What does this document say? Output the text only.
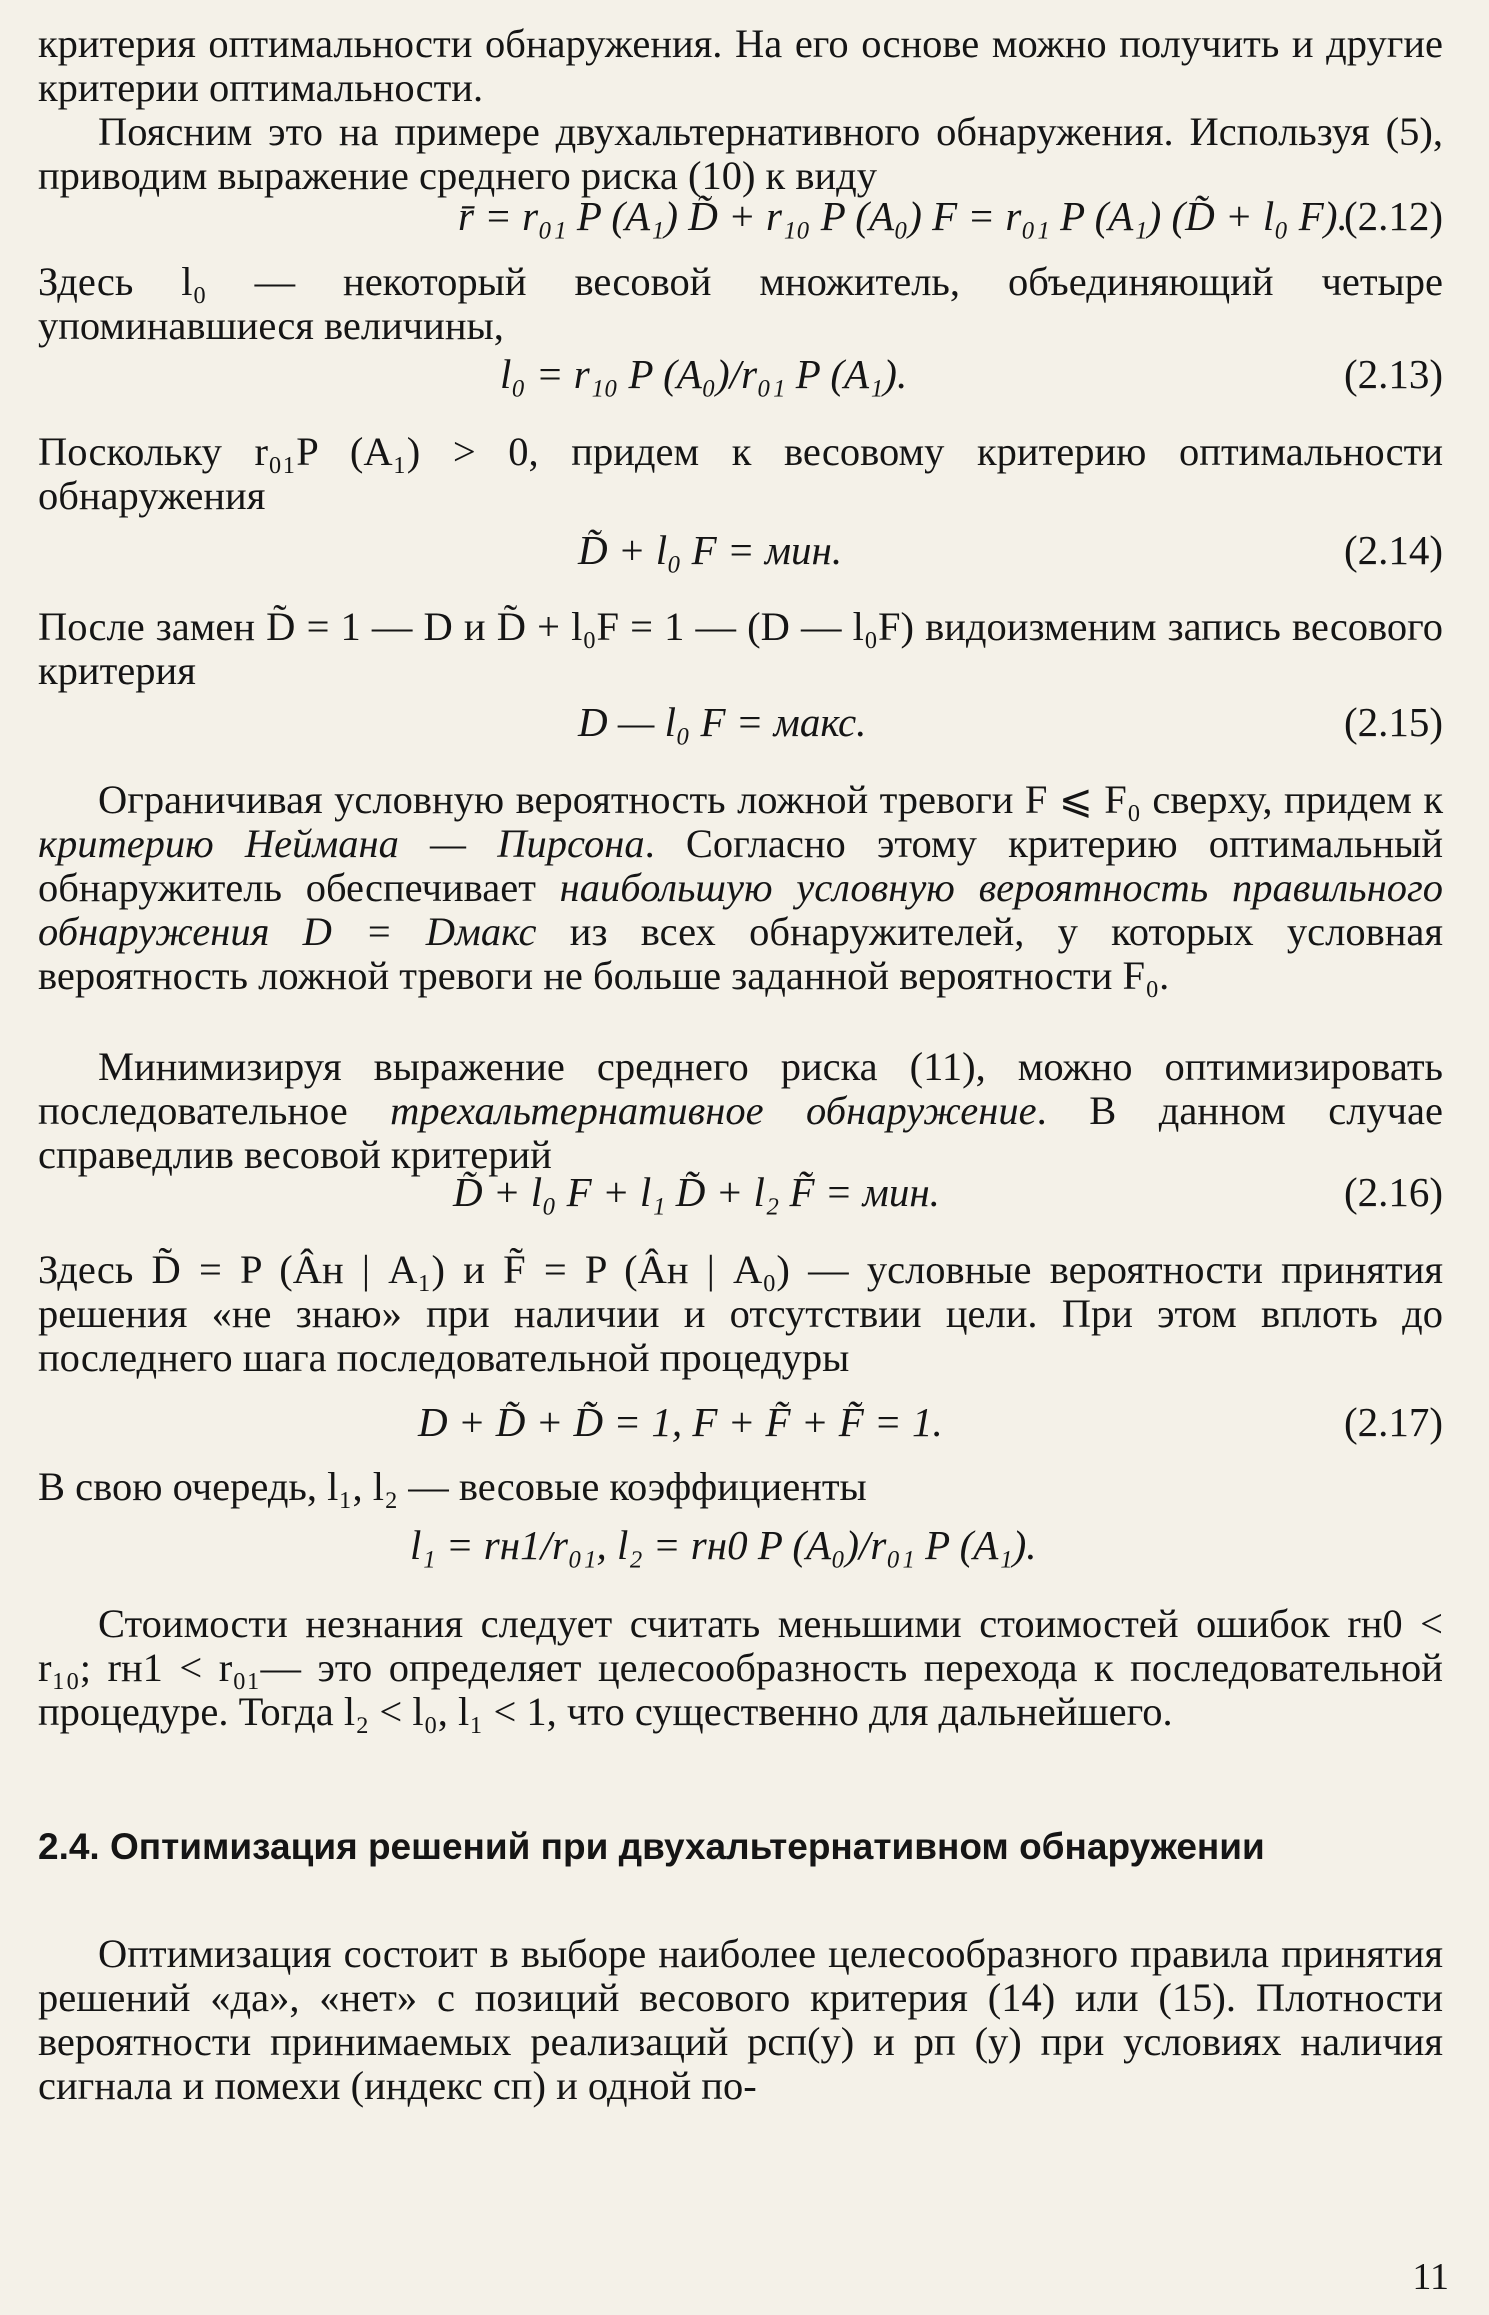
критерия оптимальности обнаружения. На его основе можно получить и другие критерии оптимальности.

Поясним это на примере двухальтернативного обнаружения. Используя (5), приводим выражение среднего риска (10) к виду

r̄ = r₀₁ P (A₁) D̃ + r₁₀ P (A₀) F = r₀₁ P (A₁) (D̃ + l₀ F).
(2.12)

Здесь l₀ — некоторый весовой множитель, объединяющий четыре упоминавшиеся величины,

l₀ = r₁₀ P (A₀)/r₀₁ P (A₁).	(2.13)

Поскольку r₀₁P (A₁) > 0, придем к весовому критерию оптимальности обнаружения

D̃ + l₀ F = мин.	(2.14)

После замен D̃ = 1 — D и D̃ + l₀F = 1 — (D — l₀F) видоизменим запись весового критерия

D — l₀ F = макс.	(2.15)

Ограничивая условную вероятность ложной тревоги F ⩽ F₀ сверху, придем к критерию Неймана — Пирсона. Согласно этому критерию оптимальный обнаружитель обеспечивает наибольшую условную вероятность правильного обнаружения D = Dмакс из всех обнаружителей, у которых условная вероятность ложной тревоги не больше заданной вероятности F₀.

Минимизируя выражение среднего риска (11), можно оптимизировать последовательное трехальтернативное обнаружение. В данном случае справедлив весовой критерий

D̃ + l₀ F + l₁ D̃̃ + l₂ F̃̃ = мин.	(2.16)

Здесь D̃̃ = P (Âн | A₁) и F̃̃ = P (Âн | A₀) — условные вероятности принятия решения «не знаю» при наличии и отсутствии цели. При этом вплоть до последнего шага последовательной процедуры

D + D̃ + D̃̃ = 1, F + F̃ + F̃̃ = 1.	(2.17)

В свою очередь, l₁, l₂ — весовые коэффициенты

l₁ = rн1/r₀₁, l₂ = rн0 P (A₀)/r₀₁ P (A₁).

Стоимости незнания следует считать меньшими стоимостей ошибок rн0 < r₁₀; rн1 < r₀₁— это определяет целесообразность перехода к последовательной процедуре. Тогда l₂ < l₀, l₁ < 1, что существенно для дальнейшего.

2.4. Оптимизация решений при двухальтернативном обнаружении

Оптимизация состоит в выборе наиболее целесообразного правила принятия решений «да», «нет» с позиций весового критерия (14) или (15). Плотности вероятности принимаемых реализаций pсп(y) и pп (y) при условиях наличия сигнала и помехи (индекс сп) и одной по-

11
